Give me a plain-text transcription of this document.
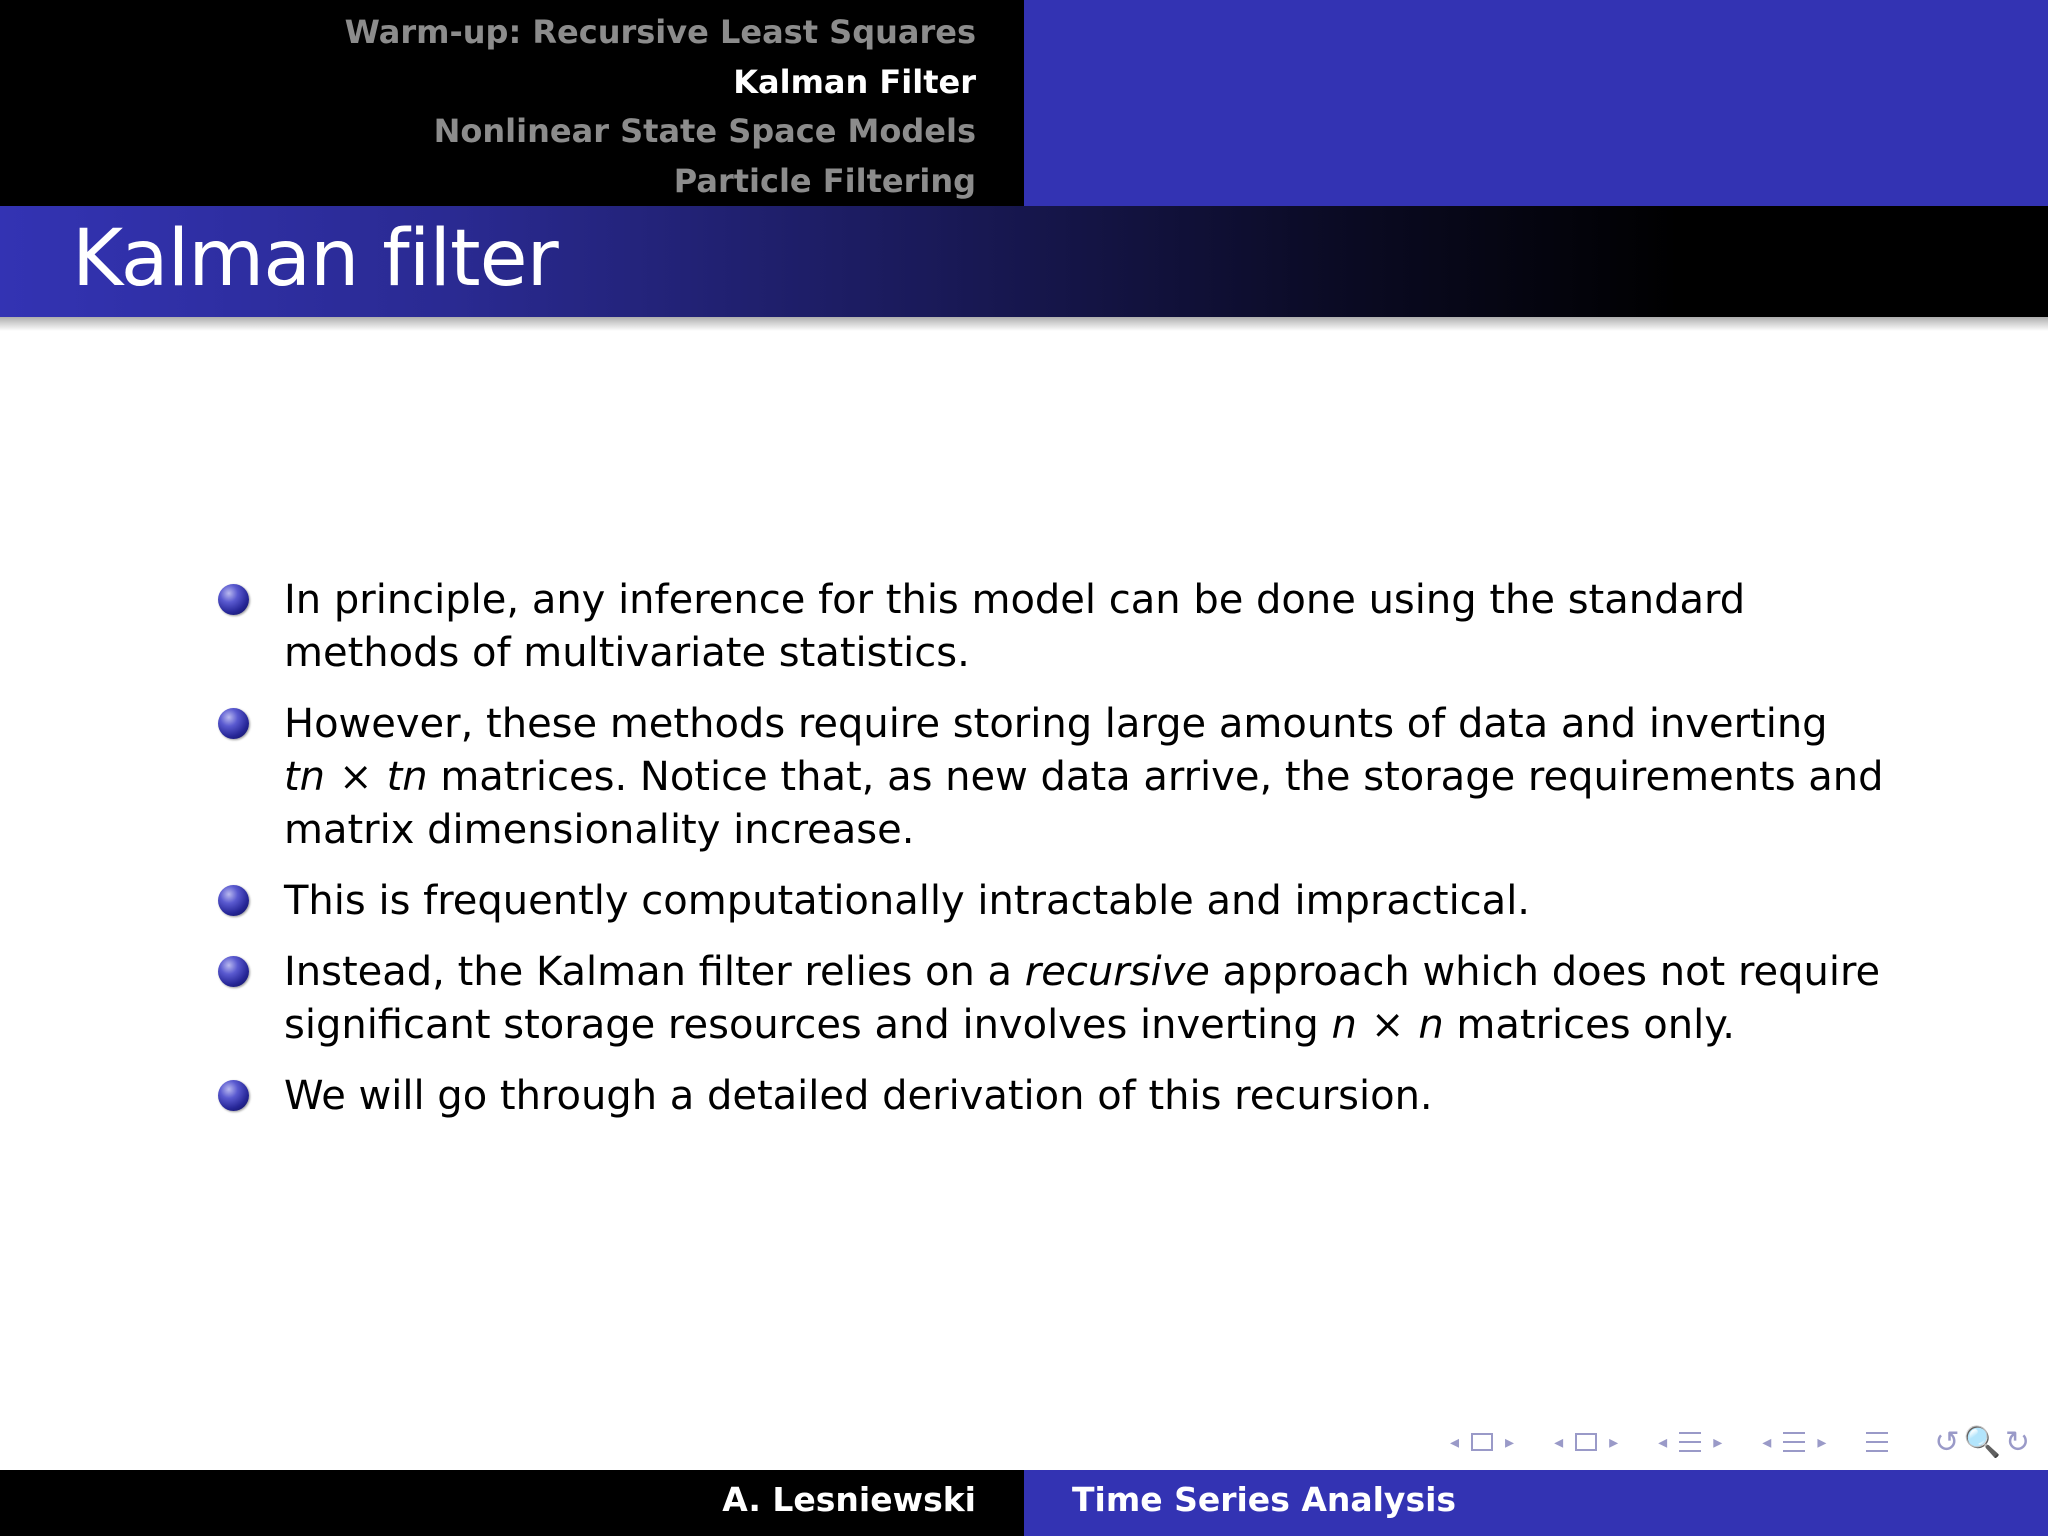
Warm-up: Recursive Least Squares
Kalman Filter
Nonlinear State Space Models
Particle Filtering
Kalman filter
In principle, any inference for this model can be done using the standard methods of multivariate statistics.
However, these methods require storing large amounts of data and inverting tn × tn matrices. Notice that, as new data arrive, the storage requirements and matrix dimensionality increase.
This is frequently computationally intractable and impractical.
Instead, the Kalman filter relies on a recursive approach which does not require significant storage resources and involves inverting n × n matrices only.
We will go through a detailed derivation of this recursion.
◂	▸ ◂	▸ ◂	▸ ◂	▸	↺🔍↻
A. Lesniewski	Time Series Analysis
